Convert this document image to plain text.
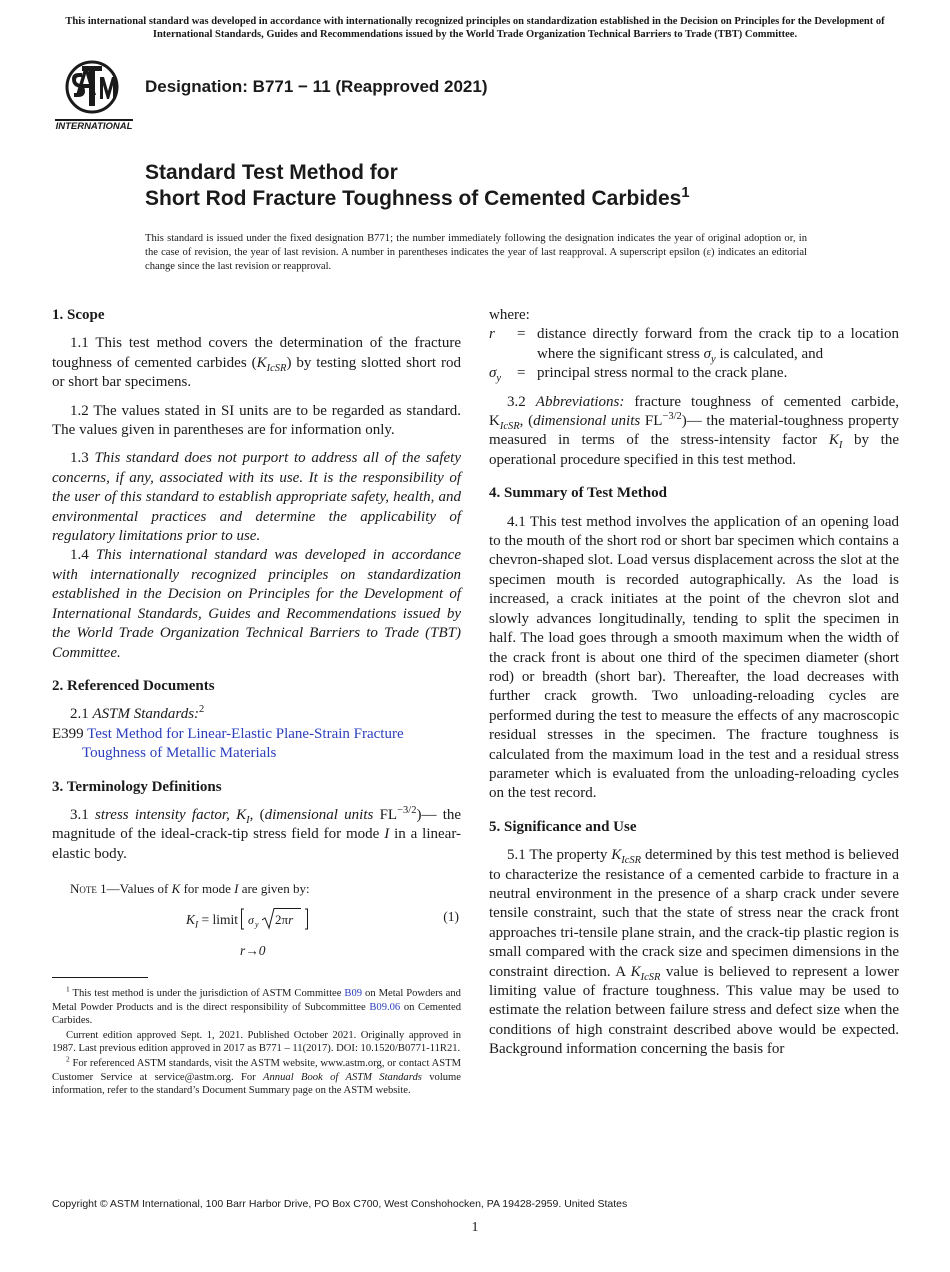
This international standard was developed in accordance with internationally recognized principles on standardization established in the Decision on Principles for the Development of International Standards, Guides and Recommendations issued by the World Trade Organization Technical Barriers to Trade (TBT) Committee.
INTERNATIONAL
Designation: B771 − 11 (Reapproved 2021)
Standard Test Method for
Short Rod Fracture Toughness of Cemented Carbides$^1$
This standard is issued under the fixed designation B771; the number immediately following the designation indicates the year of original adoption or, in the case of revision, the year of last revision. A number in parentheses indicates the year of last reapproval. A superscript epsilon (ε) indicates an editorial change since the last revision or reapproval.
1. Scope

1.1 This test method covers the determination of the fracture toughness of cemented carbides $(K_{IcSR})$ by testing slotted short rod or short bar specimens.

1.2 The values stated in SI units are to be regarded as standard. The values given in parentheses are for information only.

1.3 This standard does not purport to address all of the safety concerns, if any, associated with its use. It is the responsibility of the user of this standard to establish appropriate safety, health, and environmental practices and determine the applicability of regulatory limitations prior to use.

1.4 This international standard was developed in accordance with internationally recognized principles on standardization established in the Decision on Principles for the Development of International Standards, Guides and Recommendations issued by the World Trade Organization Technical Barriers to Trade (TBT) Committee.

2. Referenced Documents

2.1 ASTM Standards:$^2$

E399 Test Method for Linear-Elastic Plane-Strain Fracture Toughness of Metallic Materials

3. Terminology Definitions

3.1 stress intensity factor, $K_I$, (dimensional units $FL^{-3/2})—$ the magnitude of the ideal-crack-tip stress field for mode I in a linear-elastic body.

Note 1—Values of K for mode I are given by:

$K_I$ = limit σ y 2πr	(1)
r→0

$^1$ This test method is under the jurisdiction of ASTM Committee B09 on Metal Powders and Metal Powder Products and is the direct responsibility of Subcommittee B09.06 on Cemented Carbides.

Current edition approved Sept. 1, 2021. Published October 2021. Originally approved in 1987. Last previous edition approved in 2017 as B771 – 11(2017). DOI: 10.1520/B0771-11R21.

$^2$ For referenced ASTM standards, visit the ASTM website, www.astm.org, or contact ASTM Customer Service at service@astm.org. For Annual Book of ASTM Standards volume information, refer to the standard’s Document Summary page on the ASTM website.

where:
r	= distance directly forward from the crack tip to a location where the significant stress $\sigma_y$ is calculated, and
$\sigma_y$	= principal stress normal to the crack plane.

3.2 Abbreviations: fracture toughness of cemented carbide, $K_{IcSR}$, (dimensional units $FL^{-3/2})—$ the material-toughness property measured in terms of the stress-intensity factor $K_I$ by the operational procedure specified in this test method.

4. Summary of Test Method

4.1 This test method involves the application of an opening load to the mouth of the short rod or short bar specimen which contains a chevron-shaped slot. Load versus displacement across the slot at the specimen mouth is recorded autographically. As the load is increased, a crack initiates at the point of the chevron slot and slowly advances longitudinally, tending to split the specimen in half. The load goes through a smooth maximum when the width of the crack front is about one third of the specimen diameter (short rod) or breadth (short bar). Thereafter, the load decreases with further crack growth. Two unloading-reloading cycles are performed during the test to measure the effects of any macroscopic residual stresses in the specimen. The fracture toughness is calculated from the maximum load in the test and a residual stress parameter which is evaluated from the unloading-reloading cycles on the test record.

5. Significance and Use

5.1 The property $K_{IcSR}$ determined by this test method is believed to characterize the resistance of a cemented carbide to fracture in a neutral environment in the presence of a sharp crack under severe tensile constraint, such that the state of stress near the crack front approaches tri-tensile plane strain, and the crack-tip plastic region is small compared with the crack size and specimen dimensions in the constraint direction. A $K_{IcSR}$ value is believed to represent a lower limiting value of fracture toughness. This value may be used to estimate the relation between failure stress and defect size when the conditions of high constraint described above would be expected. Background information concerning the basis for

Copyright © ASTM International, 100 Barr Harbor Drive, PO Box C700, West Conshohocken, PA 19428-2959. United States
1
